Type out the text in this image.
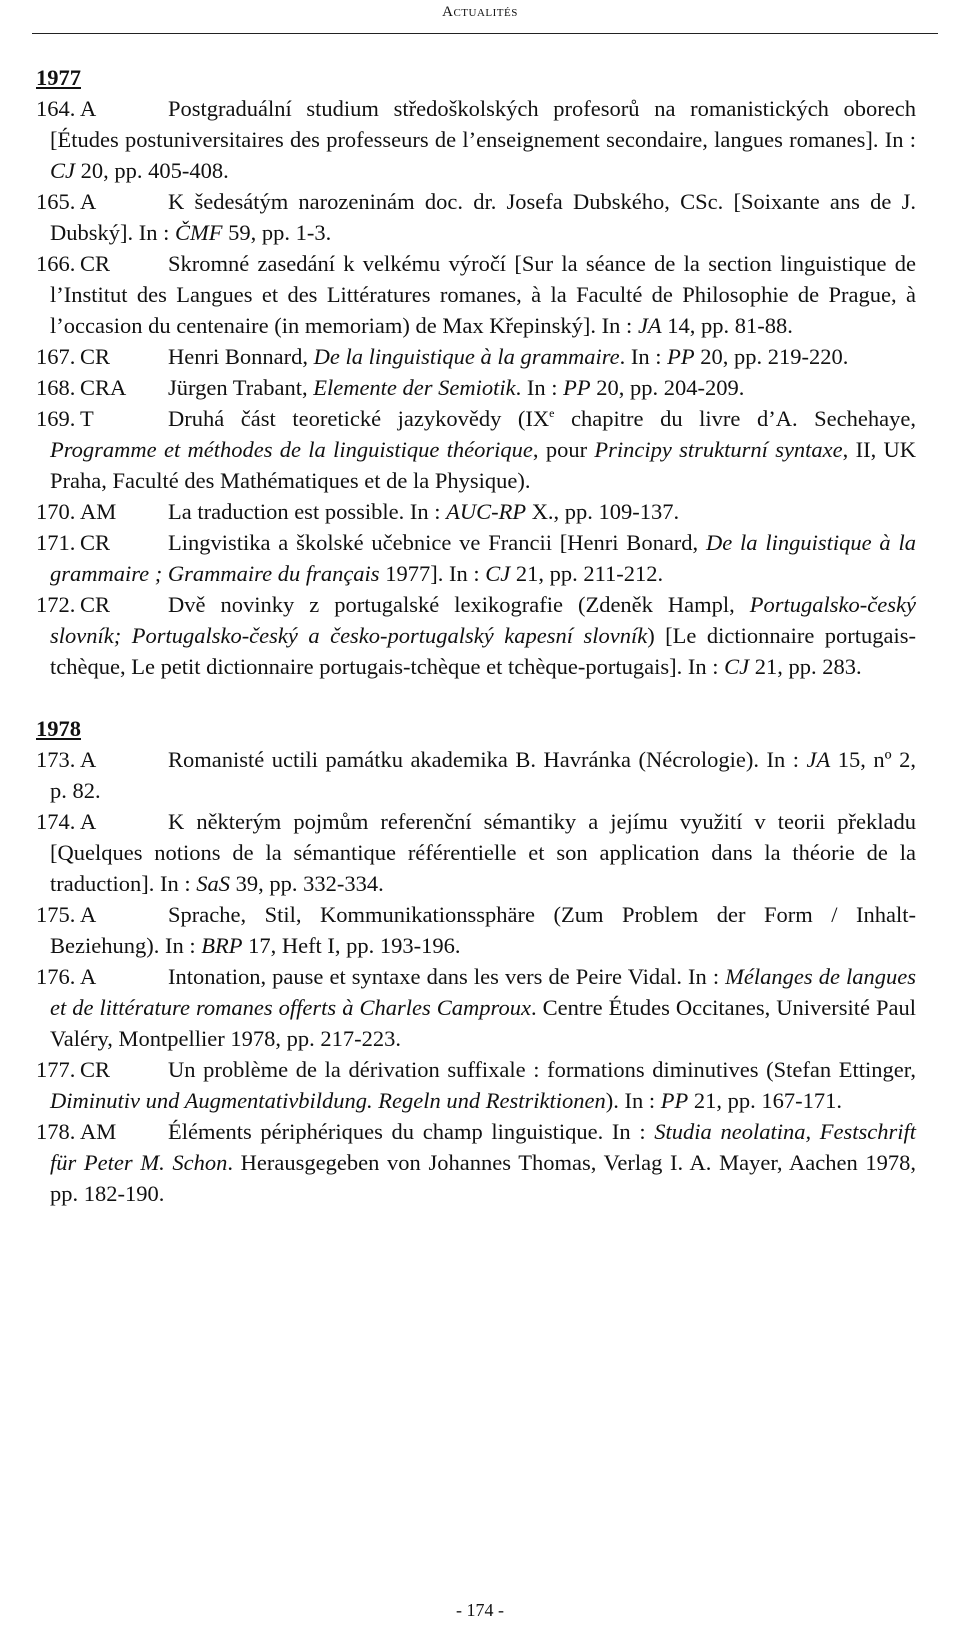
Actualités

1977

164. A	Postgraduální studium středoškolských profesorů na romanistických oborech [Études postuniversitaires des professeurs de l’enseignement secondaire, langues romanes]. In : CJ 20, pp. 405-408.

165. A	K šedesátým narozeninám doc. dr. Josefa Dubského, CSc. [Soixante ans de J. Dubský]. In : ČMF 59, pp. 1-3.

166. CR	Skromné zasedání k velkému výročí [Sur la séance de la section linguistique de l’Institut des Langues et des Littératures romanes, à la Faculté de Philosophie de Prague, à l’occasion du centenaire (in memoriam) de Max Křepinský]. In : JA 14, pp. 81-88.

167. CR	Henri Bonnard, De la linguistique à la grammaire. In : PP 20, pp. 219-220.

168. CRA Jürgen Trabant, Elemente der Semiotik. In : PP 20, pp. 204-209.

169. T	Druhá část teoretické jazykovědy (IXe chapitre du livre d’A. Sechehaye, Programme et méthodes de la linguistique théorique, pour Principy strukturní syntaxe, II, UK Praha, Faculté des Mathématiques et de la Physique).

170. AM La traduction est possible. In : AUC-RP X., pp. 109-137.

171. CR	Lingvistika a školské učebnice ve Francii [Henri Bonard, De la linguistique à la grammaire ; Grammaire du français 1977]. In : CJ 21, pp. 211-212.

172. CR	Dvě novinky z portugalské lexikografie (Zdeněk Hampl, Portugalsko-český slovník; Portugalsko-český a česko-portugalský kapesní slovník) [Le dictionnaire portugais-tchèque, Le petit dictionnaire portugais-tchèque et tchèque-portugais]. In : CJ 21, pp. 283.

1978

173. A	Romanisté uctili památku akademika B. Havránka (Nécrologie). In : JA 15, nº 2, p. 82.

174. A	K některým pojmům referenční sémantiky a jejímu využití v teorii překladu [Quelques notions de la sémantique référentielle et son application dans la théorie de la traduction]. In : SaS 39, pp. 332-334.

175. A	Sprache, Stil, Kommunikationssphäre (Zum Problem der Form / Inhalt-Beziehung). In : BRP 17, Heft I, pp. 193-196.

176. A	Intonation, pause et syntaxe dans les vers de Peire Vidal. In : Mélanges de langues et de littérature romanes offerts à Charles Camproux. Centre Études Occitanes, Université Paul Valéry, Montpellier 1978, pp. 217-223.

177. CR	Un problème de la dérivation suffixale : formations diminutives (Stefan Ettinger, Diminutiv und Augmentativbildung. Regeln und Restriktionen). In : PP 21, pp. 167-171.

178. AM Éléments périphériques du champ linguistique. In : Studia neolatina, Festschrift für Peter M. Schon. Herausgegeben von Johannes Thomas, Verlag I. A. Mayer, Aachen 1978, pp. 182-190.

- 174 -
